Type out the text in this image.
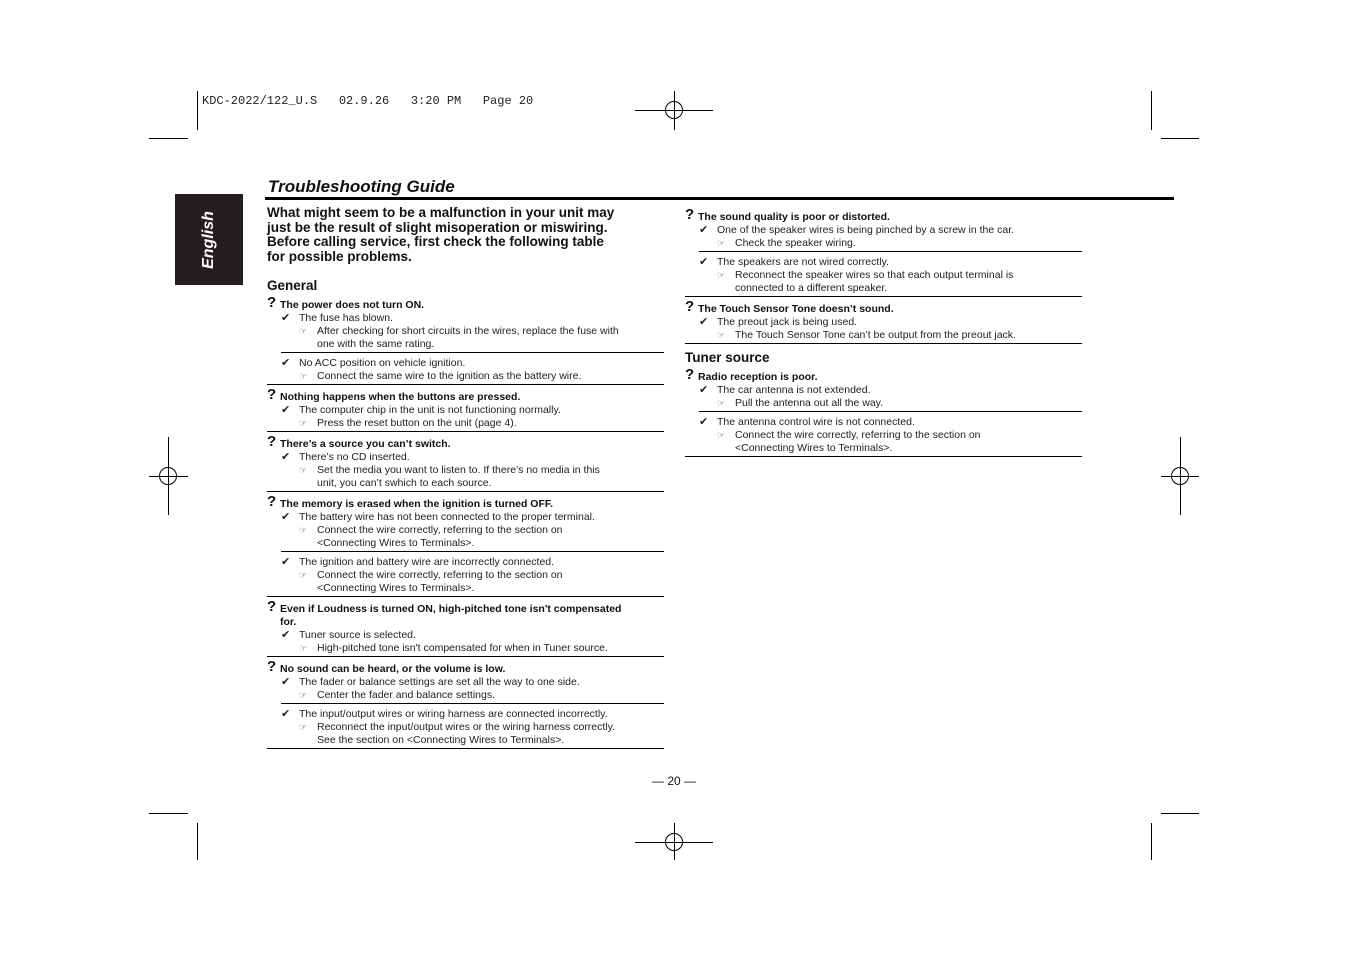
KDC-2022/122_U.S   02.9.26   3:20 PM   Page 20
English
Troubleshooting Guide
What might seem to be a malfunction in your unit may
just be the result of slight misoperation or miswiring.
Before calling service, first check the following table
for possible problems.
General
? The power does not turn ON.
✔ The fuse has blown.
☞ After checking for short circuits in the wires, replace the fuse with
one with the same rating.
✔ No ACC position on vehicle ignition.
☞ Connect the same wire to the ignition as the battery wire.
? Nothing happens when the buttons are pressed.
✔ The computer chip in the unit is not functioning normally.
☞ Press the reset button on the unit (page 4).
? There’s a source you can’t switch.
✔ There’s no CD inserted.
☞ Set the media you want to listen to. If there’s no media in this
unit, you can’t swhich to each source.
? The memory is erased when the ignition is turned OFF.
✔ The battery wire has not been connected to the proper terminal.
☞ Connect the wire correctly, referring to the section on
<Connecting Wires to Terminals>.
✔ The ignition and battery wire are incorrectly connected.
☞ Connect the wire correctly, referring to the section on
<Connecting Wires to Terminals>.
? Even if Loudness is turned ON, high-pitched tone isn't compensated
for.
✔ Tuner source is selected.
☞ High-pitched tone isn't compensated for when in Tuner source.
? No sound can be heard, or the volume is low.
✔ The fader or balance settings are set all the way to one side.
☞ Center the fader and balance settings.
✔ The input/output wires or wiring harness are connected incorrectly.
☞ Reconnect the input/output wires or the wiring harness correctly.
See the section on <Connecting Wires to Terminals>.
? The sound quality is poor or distorted.
✔ One of the speaker wires is being pinched by a screw in the car.
☞ Check the speaker wiring.
✔ The speakers are not wired correctly.
☞ Reconnect the speaker wires so that each output terminal is
connected to a different speaker.
? The Touch Sensor Tone doesn’t sound.
✔ The preout jack is being used.
☞ The Touch Sensor Tone can’t be output from the preout jack.
Tuner source
? Radio reception is poor.
✔ The car antenna is not extended.
☞ Pull the antenna out all the way.
✔ The antenna control wire is not connected.
☞ Connect the wire correctly, referring to the section on
<Connecting Wires to Terminals>.
— 20 —
